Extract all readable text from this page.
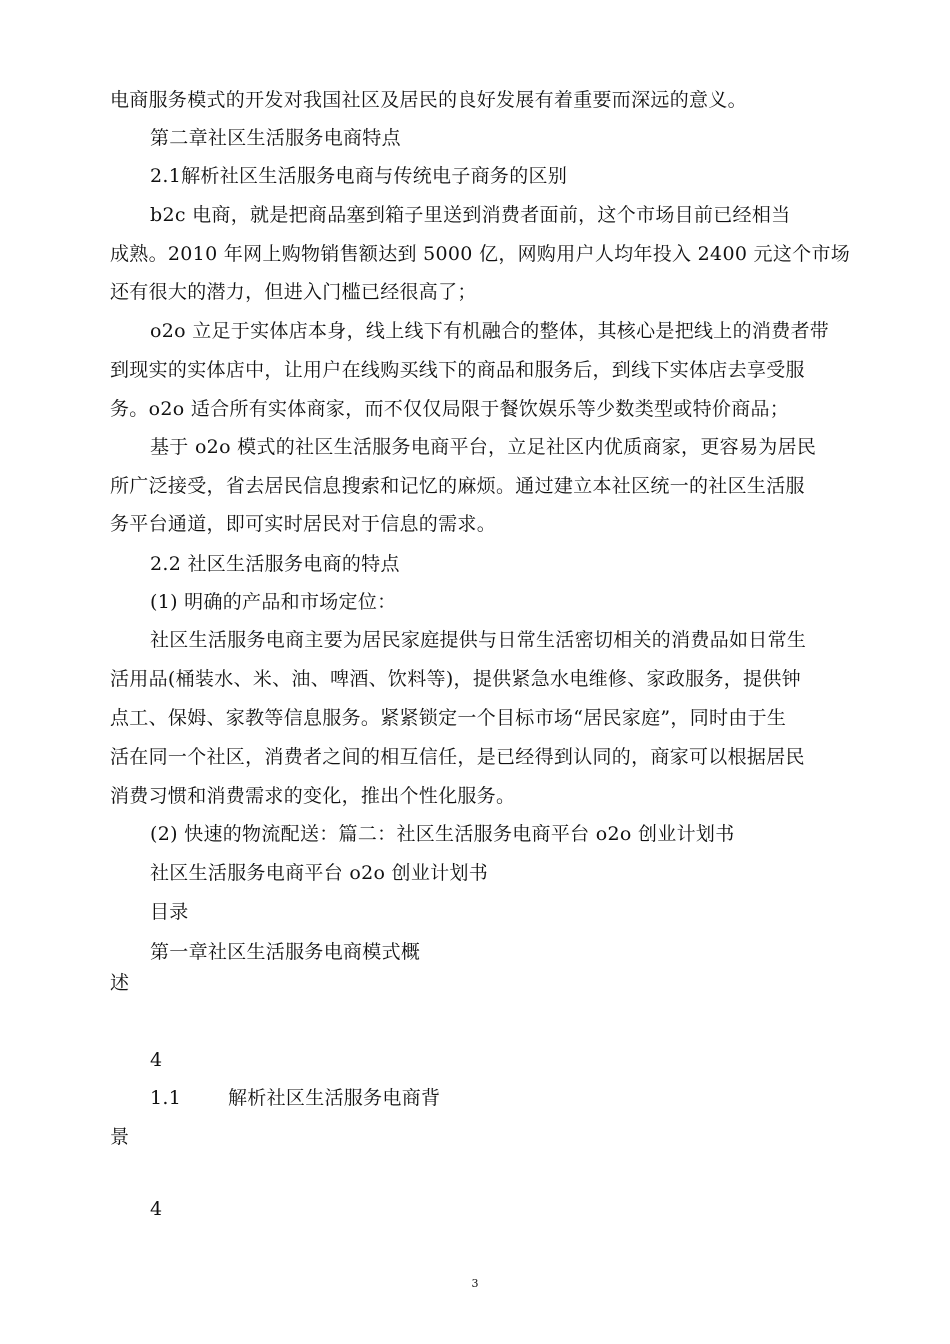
电商服务模式的开发对我国社区及居民的良好发展有着重要而深远的意义。
第二章社区生活服务电商特点
2.1解析社区生活服务电商与传统电子商务的区别
b2c 电商，就是把商品塞到箱子里送到消费者面前，这个市场目前已经相当
成熟。2010 年网上购物销售额达到 5000 亿，网购用户人均年投入 2400 元这个市场
还有很大的潜力，但进入门槛已经很高了；
o2o 立足于实体店本身，线上线下有机融合的整体，其核心是把线上的消费者带
到现实的实体店中，让用户在线购买线下的商品和服务后，到线下实体店去享受服
务。o2o 适合所有实体商家，而不仅仅局限于餐饮娱乐等少数类型或特价商品；
基于 o2o 模式的社区生活服务电商平台，立足社区内优质商家，更容易为居民
所广泛接受，省去居民信息搜索和记忆的麻烦。通过建立本社区统一的社区生活服
务平台通道，即可实时居民对于信息的需求。
2.2 社区生活服务电商的特点
(1) 明确的产品和市场定位：
社区生活服务电商主要为居民家庭提供与日常生活密切相关的消费品如日常生
活用品(桶装水、米、油、啤酒、饮料等)，提供紧急水电维修、家政服务，提供钟
点工、保姆、家教等信息服务。紧紧锁定一个目标市场“居民家庭”，同时由于生
活在同一个社区，消费者之间的相互信任，是已经得到认同的，商家可以根据居民
消费习惯和消费需求的变化，推出个性化服务。
(2) 快速的物流配送：篇二：社区生活服务电商平台 o2o 创业计划书
社区生活服务电商平台 o2o 创业计划书
目录
第一章社区生活服务电商模式概
述
4
1.1 解析社区生活服务电商背
景
4
3
